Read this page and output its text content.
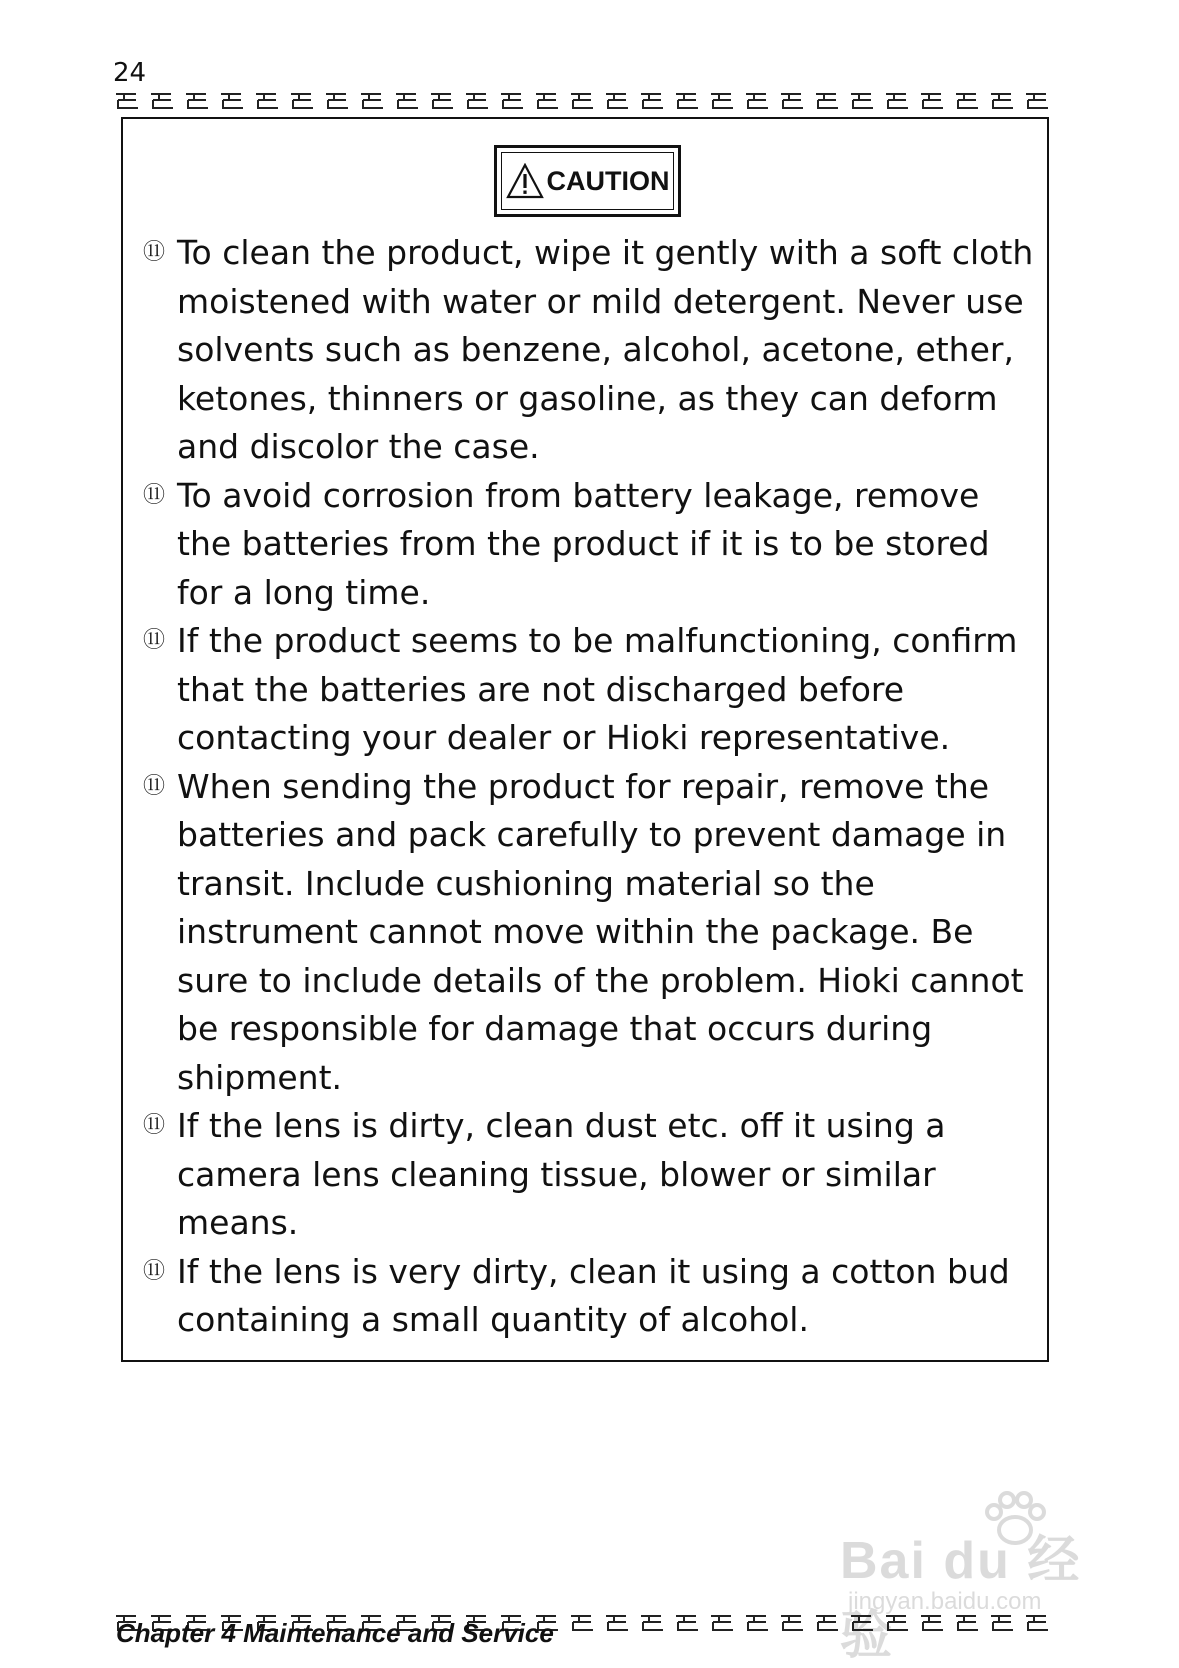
24
CAUTION
⑪ To clean the product, wipe it gently with a soft cloth moistened with water or mild detergent. Never use solvents such as benzene, alcohol, acetone, ether, ketones, thinners or gasoline, as they can deform and discolor the case.
⑪ To avoid corrosion from battery leakage, remove the batteries from the product if it is to be stored for a long time.
⑪ If the product seems to be malfunctioning, confirm that the batteries are not discharged before contacting your dealer or Hioki representative.
⑪ When sending the product for repair, remove the batteries and pack carefully to prevent damage in transit. Include cushioning material so the instrument cannot move within the package. Be sure to include details of the problem. Hioki cannot be responsible for damage that occurs during shipment.
⑪ If the lens is dirty, clean dust etc. off it using a camera lens cleaning tissue, blower or similar means.
⑪ If the lens is very dirty, clean it using a cotton bud containing a small quantity of alcohol.
Bai du 经验
jingyan.baidu.com
Chapter 4 Maintenance and Service
